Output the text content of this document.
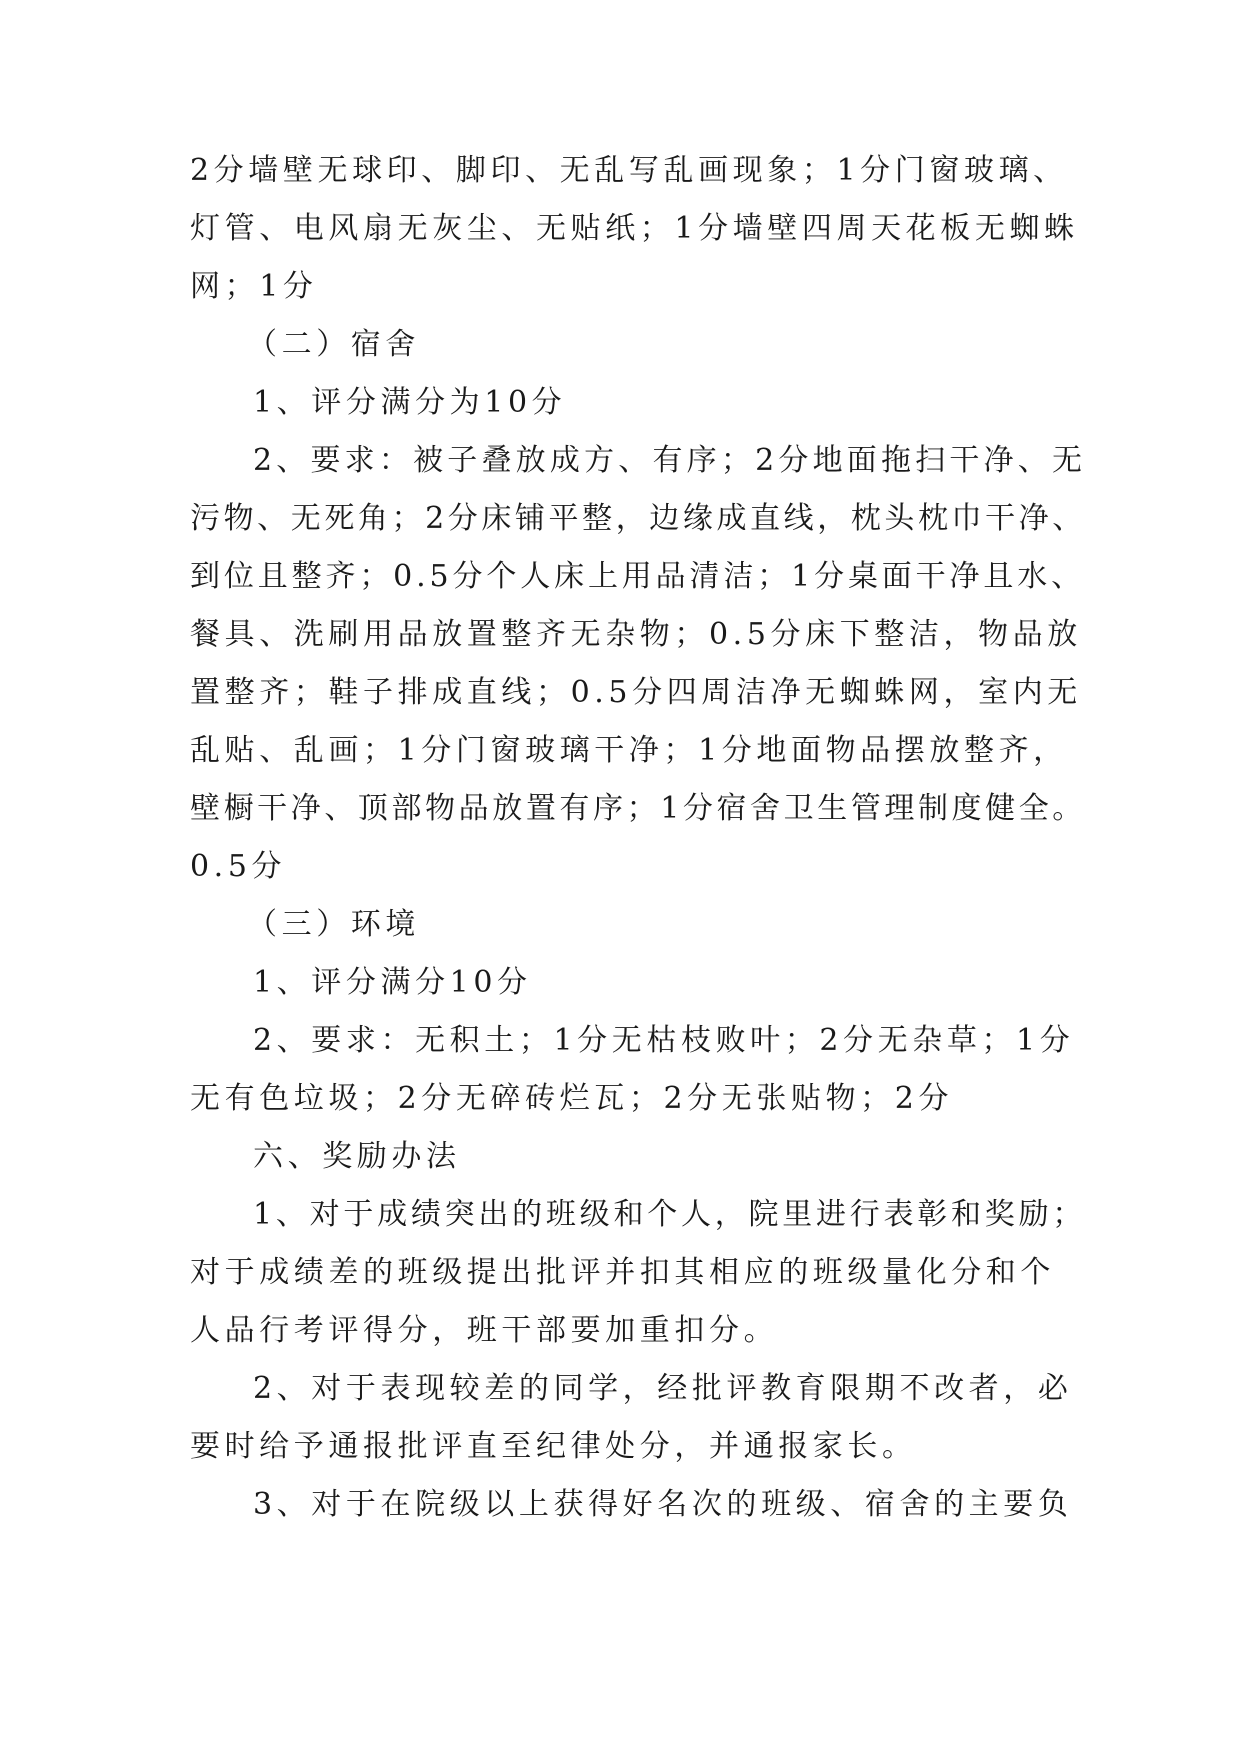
2分墙壁无球印、脚印、无乱写乱画现象；1分门窗玻璃、
灯管、电风扇无灰尘、无贴纸；1分墙壁四周天花板无蜘蛛
网；1分
（二）宿舍
1、评分满分为10分
2、要求：被子叠放成方、有序；2分地面拖扫干净、无
污物、无死角；2分床铺平整，边缘成直线，枕头枕巾干净、
到位且整齐；0.5分个人床上用品清洁；1分桌面干净且水、
餐具、洗刷用品放置整齐无杂物；0.5分床下整洁，物品放
置整齐；鞋子排成直线；0.5分四周洁净无蜘蛛网，室内无
乱贴、乱画；1分门窗玻璃干净；1分地面物品摆放整齐，
壁橱干净、顶部物品放置有序；1分宿舍卫生管理制度健全。
0.5分
（三）环境
1、评分满分10分
2、要求：无积土；1分无枯枝败叶；2分无杂草；1分
无有色垃圾；2分无碎砖烂瓦；2分无张贴物；2分
六、奖励办法
1、对于成绩突出的班级和个人，院里进行表彰和奖励；
对于成绩差的班级提出批评并扣其相应的班级量化分和个
人品行考评得分，班干部要加重扣分。
2、对于表现较差的同学，经批评教育限期不改者，必
要时给予通报批评直至纪律处分，并通报家长。
3、对于在院级以上获得好名次的班级、宿舍的主要负
